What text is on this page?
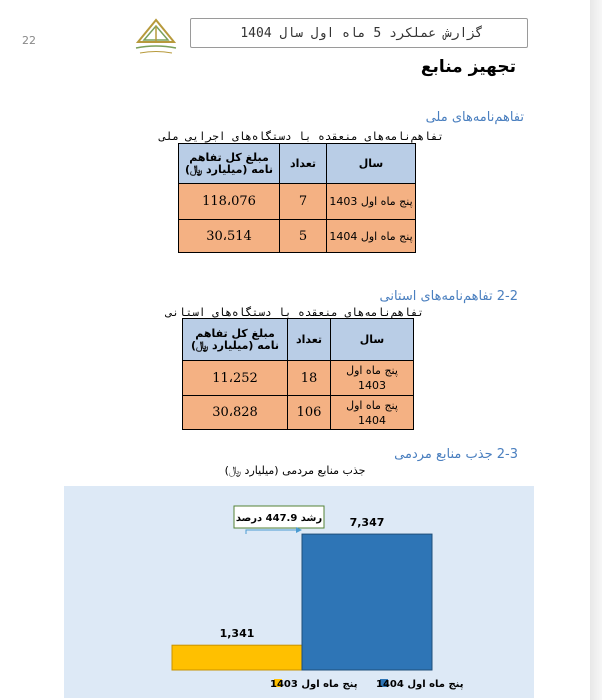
22	گزارش عملکرد 5 ماه اول سال 1404
تجهیز منابع
تفاهم‌نامه‌های ملی
تفاهم‌نامه‌های منعقده با دستگاه‌های اجرایی ملی
سال	تعداد	مبلغ کل تفاهم نامه (میلیارد ﷼)
پنج ماه اول 1403	7	118،076
پنج ماه اول 1404	5	30،514
2-2 تفاهم‌نامه‌های استانی
تفاهم‌نامه‌های منعقده با دستگاه‌های استانی
سال	تعداد	مبلغ کل تفاهم نامه (میلیارد ﷼)
پنج ماه اول 1403	18	11،252
پنج ماه اول 1404	106	30،828
2-3 جذب منابع مردمی
جذب منابع مردمی (میلیارد ﷼)
رشد 447.9 درصد
1,341
7,347
پنج ماه اول 1404
پنج ماه اول 1403
